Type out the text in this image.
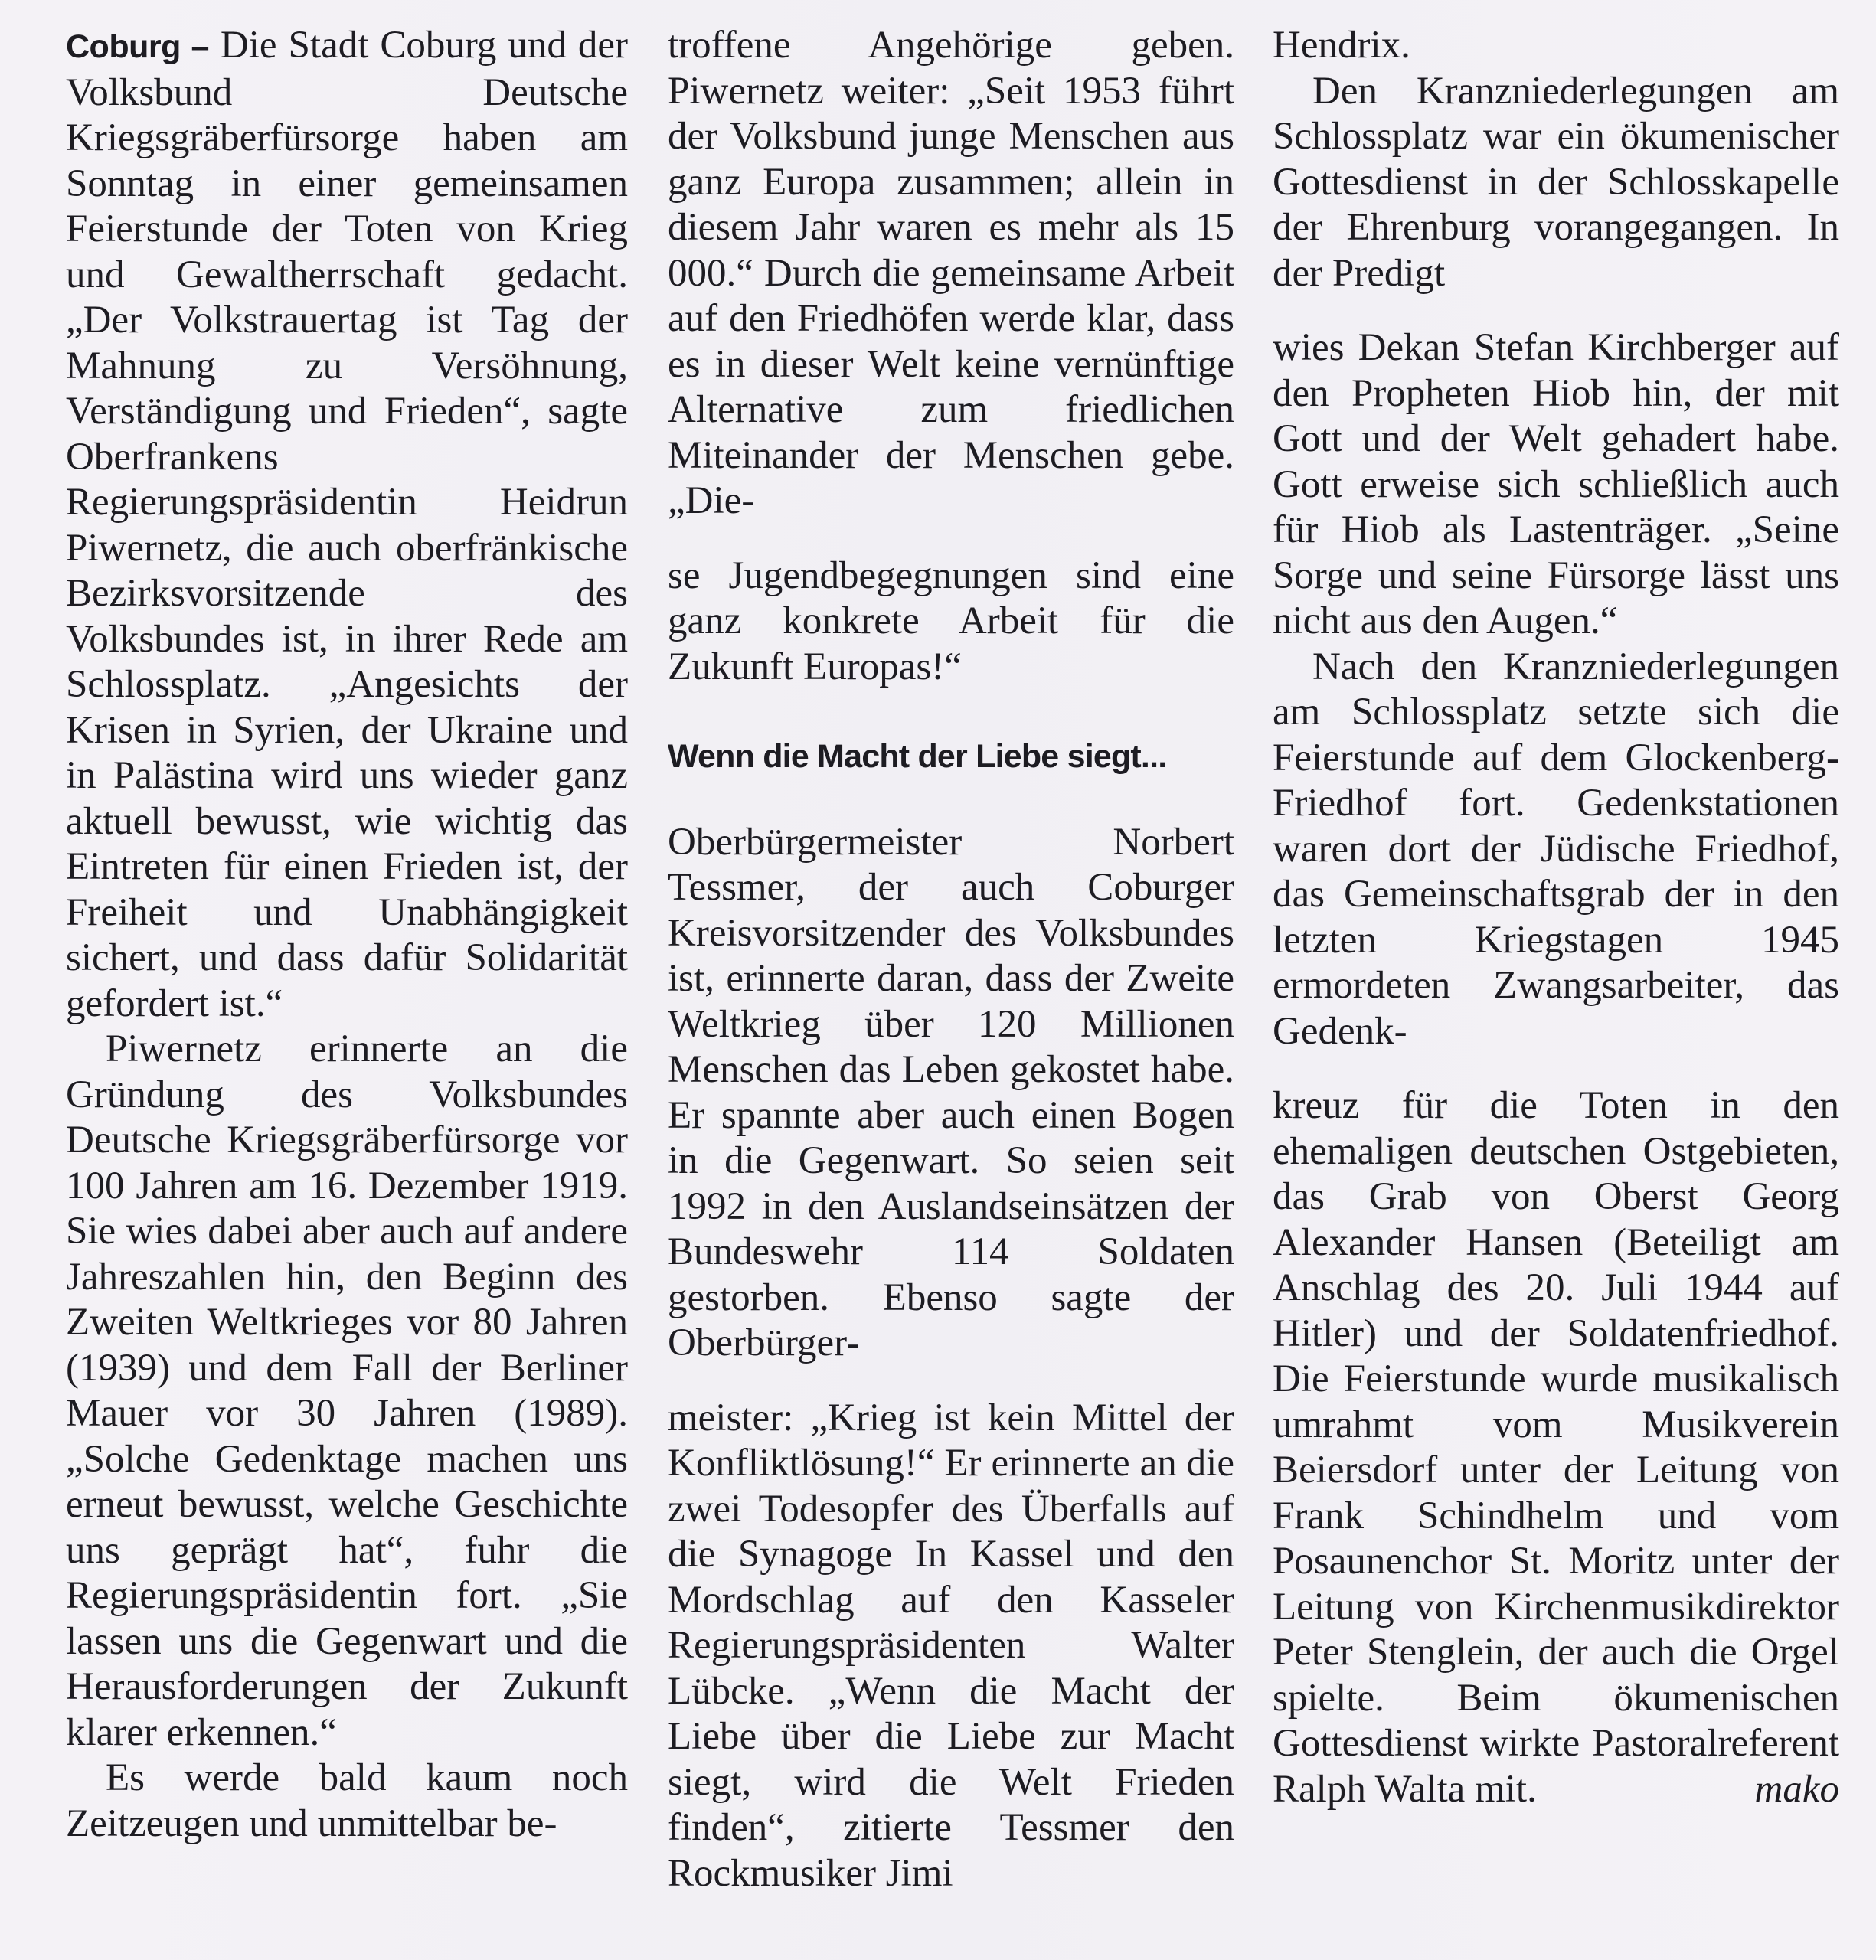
Coburg – Die Stadt Coburg und der Volksbund Deutsche Kriegsgräberfürsorge haben am Sonntag in einer gemeinsamen Feierstunde der Toten von Krieg und Gewaltherrschaft gedacht. „Der Volkstrauertag ist Tag der Mahnung zu Versöhnung, Verständigung und Frieden“, sagte Oberfrankens Regierungspräsidentin Heidrun Piwernetz, die auch oberfränkische Bezirksvorsitzende des Volksbundes ist, in ihrer Rede am Schlossplatz. „Angesichts der Krisen in Syrien, der Ukraine und in Palästina wird uns wieder ganz aktuell bewusst, wie wichtig das Eintreten für einen Frieden ist, der Freiheit und Unabhängigkeit sichert, und dass dafür Solidarität gefordert ist.“

Piwernetz erinnerte an die Gründung des Volksbundes Deutsche Kriegsgräberfürsorge vor 100 Jahren am 16. Dezember 1919. Sie wies dabei aber auch auf andere Jahreszahlen hin, den Beginn des Zweiten Weltkrieges vor 80 Jahren (1939) und dem Fall der Berliner Mauer vor 30 Jahren (1989). „Solche Gedenktage machen uns erneut bewusst, welche Geschichte uns geprägt hat“, fuhr die Regierungspräsidentin fort. „Sie lassen uns die Gegenwart und die Herausforderungen der Zukunft klarer erkennen.“

Es werde bald kaum noch Zeitzeugen und unmittelbar be-

troffene Angehörige geben. Piwernetz weiter: „Seit 1953 führt der Volksbund junge Menschen aus ganz Europa zusammen; allein in diesem Jahr waren es mehr als 15 000.“ Durch die gemeinsame Arbeit auf den Friedhöfen werde klar, dass es in dieser Welt keine vernünftige Alternative zum friedlichen Miteinander der Menschen gebe. „Die-

se Jugendbegegnungen sind eine ganz konkrete Arbeit für die Zukunft Europas!“

Wenn die Macht der Liebe siegt...

Oberbürgermeister Norbert Tessmer, der auch Coburger Kreisvorsitzender des Volksbundes ist, erinnerte daran, dass der Zweite Weltkrieg über 120 Millionen Menschen das Leben gekostet habe. Er spannte aber auch einen Bogen in die Gegenwart. So seien seit 1992 in den Auslandseinsätzen der Bundeswehr 114 Soldaten gestorben. Ebenso sagte der Oberbürger-

meister: „Krieg ist kein Mittel der Konfliktlösung!“ Er erinnerte an die zwei Todesopfer des Überfalls auf die Synagoge In Kassel und den Mordschlag auf den Kasseler Regierungspräsidenten Walter Lübcke. „Wenn die Macht der Liebe über die Liebe zur Macht siegt, wird die Welt Frieden finden“, zitierte Tessmer den Rockmusiker Jimi

Hendrix.

Den Kranzniederlegungen am Schlossplatz war ein ökumenischer Gottesdienst in der Schlosskapelle der Ehrenburg vorangegangen. In der Predigt

wies Dekan Stefan Kirchberger auf den Propheten Hiob hin, der mit Gott und der Welt gehadert habe. Gott erweise sich schließlich auch für Hiob als Lastenträger. „Seine Sorge und seine Fürsorge lässt uns nicht aus den Augen.“

Nach den Kranzniederlegungen am Schlossplatz setzte sich die Feierstunde auf dem Glockenberg-Friedhof fort. Gedenkstationen waren dort der Jüdische Friedhof, das Gemeinschaftsgrab der in den letzten Kriegstagen 1945 ermordeten Zwangsarbeiter, das Gedenk-

kreuz für die Toten in den ehemaligen deutschen Ostgebieten, das Grab von Oberst Georg Alexander Hansen (Beteiligt am Anschlag des 20. Juli 1944 auf Hitler) und der Soldatenfriedhof. Die Feierstunde wurde musikalisch umrahmt vom Musikverein Beiersdorf unter der Leitung von Frank Schindhelm und vom Posaunenchor St. Moritz unter der Leitung von Kirchenmusikdirektor Peter Stenglein, der auch die Orgel spielte. Beim ökumenischen Gottesdienst wirkte Pastoralreferent Ralph Walta mit.	mako
